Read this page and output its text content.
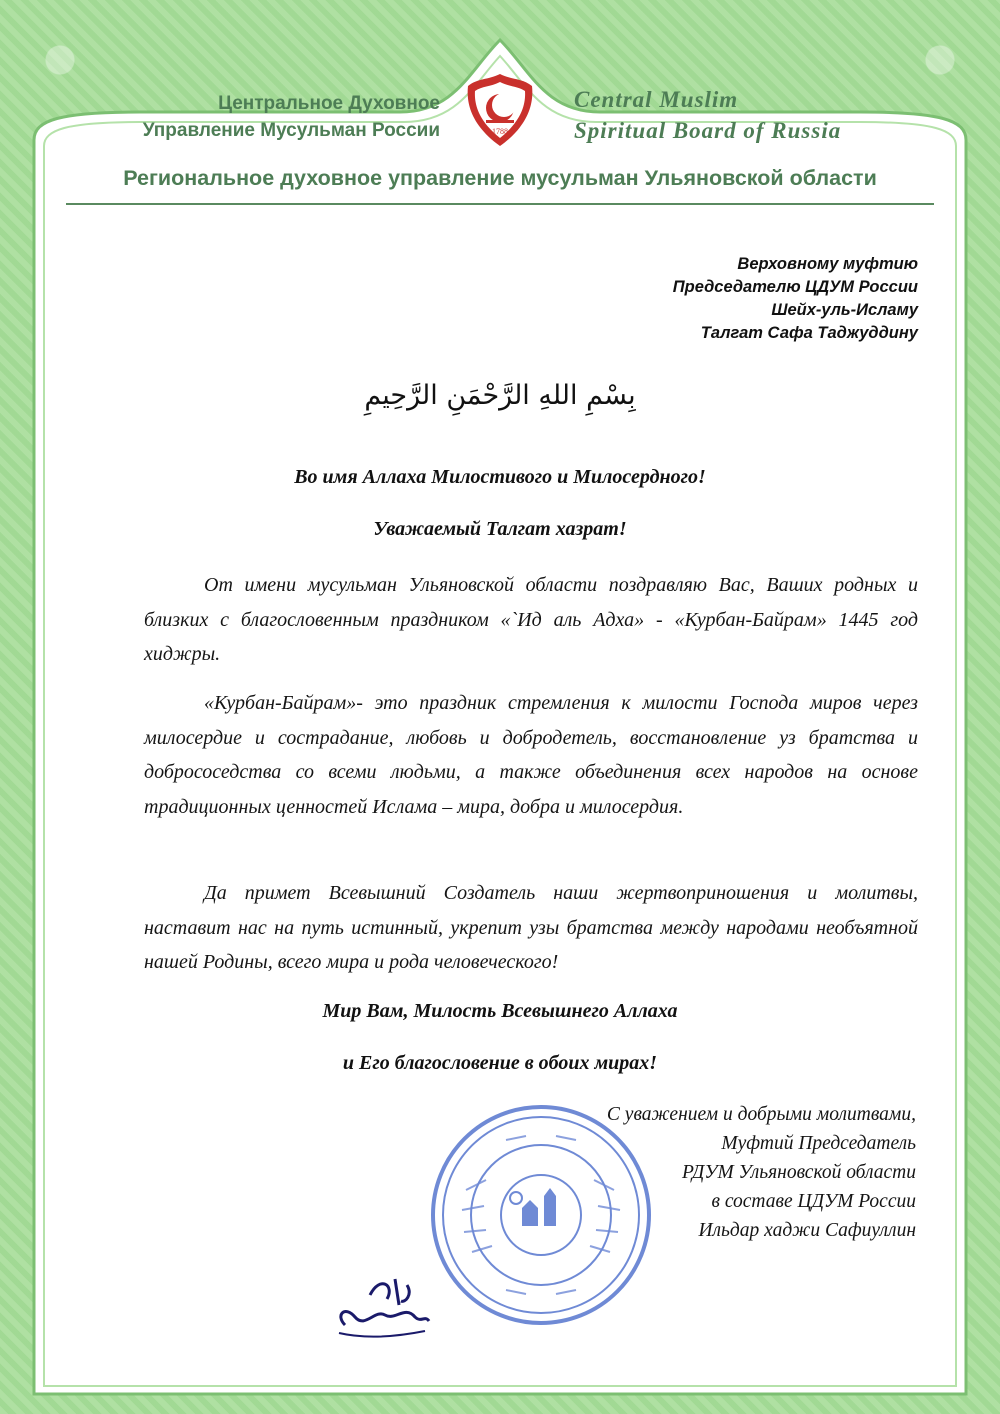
1788
Центральное Духовное
Управление Мусульман России
Central Muslim
Spiritual Board of Russia
Региональное духовное управление мусульман Ульяновской области
Верховному муфтию
Председателю ЦДУМ России
Шейх-уль-Исламу
Талгат Сафа Таджуддину
بِسْمِ اللهِ الرَّحْمَنِ الرَّحِيمِ
Во имя Аллаха Милостивого и Милосердного!
Уважаемый Талгат хазрат!
От имени мусульман Ульяновской области поздравляю Вас, Ваших родных и близких с благословенным праздником «`Ид аль Адха» - «Курбан-Байрам» 1445 год хиджры.
«Курбан-Байрам»- это праздник стремления к милости Господа миров через милосердие и сострадание, любовь и добродетель, восстановление уз братства и добрососедства со всеми людьми, а также объединения всех народов на основе традиционных ценностей Ислама – мира, добра и милосердия.
Да примет Всевышний Создатель наши жертвоприношения и молитвы, наставит нас на путь истинный, укрепит узы братства между народами необъятной нашей Родины, всего мира и рода человеческого!
Мир Вам, Милость Всевышнего Аллаха
и Его благословение в обоих мирах!
С уважением и добрыми молитвами,
Муфтий Председатель
РДУМ Ульяновской области
в составе ЦДУМ России
Ильдар хаджи Сафиуллин
